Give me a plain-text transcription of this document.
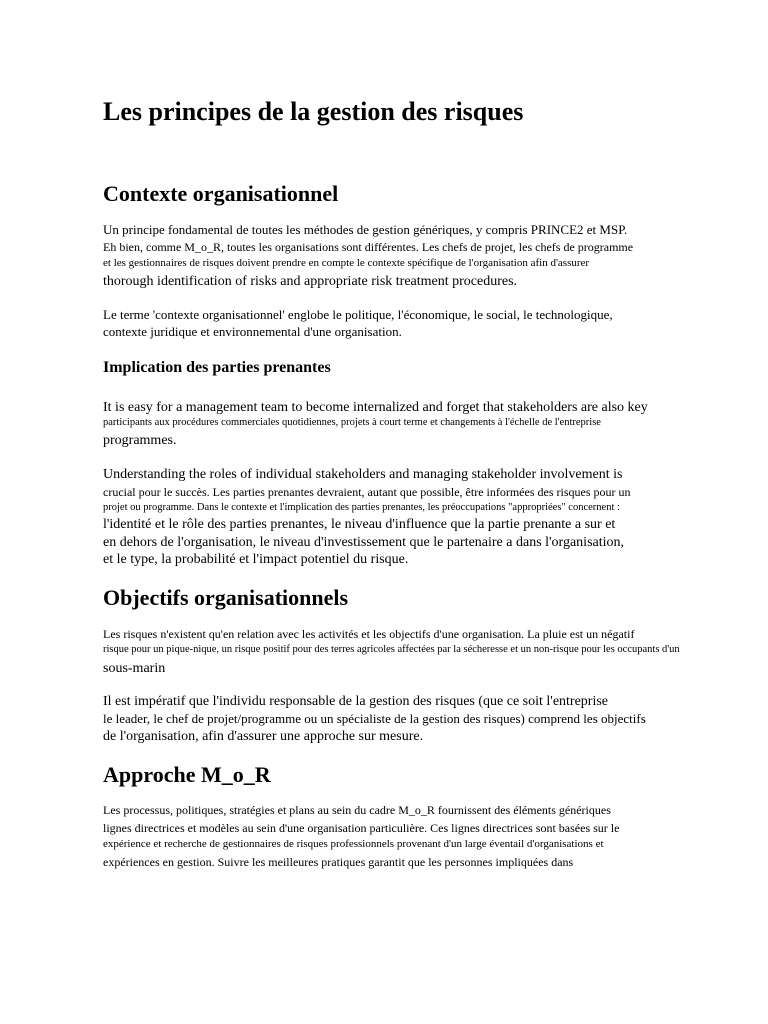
Les principes de la gestion des risques
Contexte organisationnel
Un principe fondamental de toutes les méthodes de gestion génériques, y compris PRINCE2 et MSP.
Eh bien, comme M_o_R, toutes les organisations sont différentes. Les chefs de projet, les chefs de programme
et les gestionnaires de risques doivent prendre en compte le contexte spécifique de l'organisation afin d'assurer
thorough identification of risks and appropriate risk treatment procedures.
Le terme 'contexte organisationnel' englobe le politique, l'économique, le social, le technologique,
contexte juridique et environnemental d'une organisation.
Implication des parties prenantes
It is easy for a management team to become internalized and forget that stakeholders are also key
participants aux procédures commerciales quotidiennes, projets à court terme et changements à l'échelle de l'entreprise
programmes.
Understanding the roles of individual stakeholders and managing stakeholder involvement is
crucial pour le succès. Les parties prenantes devraient, autant que possible, être informées des risques pour un
projet ou programme. Dans le contexte et l'implication des parties prenantes, les préoccupations "appropriées" concernent :
l'identité et le rôle des parties prenantes, le niveau d'influence que la partie prenante a sur et
en dehors de l'organisation, le niveau d'investissement que le partenaire a dans l'organisation,
et le type, la probabilité et l'impact potentiel du risque.
Objectifs organisationnels
Les risques n'existent qu'en relation avec les activités et les objectifs d'une organisation. La pluie est un négatif
risque pour un pique-nique, un risque positif pour des terres agricoles affectées par la sécheresse et un non-risque pour les occupants d'un
sous-marin
Il est impératif que l'individu responsable de la gestion des risques (que ce soit l'entreprise
le leader, le chef de projet/programme ou un spécialiste de la gestion des risques) comprend les objectifs
de l'organisation, afin d'assurer une approche sur mesure.
Approche M_o_R
Les processus, politiques, stratégies et plans au sein du cadre M_o_R fournissent des éléments génériques
lignes directrices et modèles au sein d'une organisation particulière. Ces lignes directrices sont basées sur le
expérience et recherche de gestionnaires de risques professionnels provenant d'un large éventail d'organisations et
expériences en gestion. Suivre les meilleures pratiques garantit que les personnes impliquées dans
